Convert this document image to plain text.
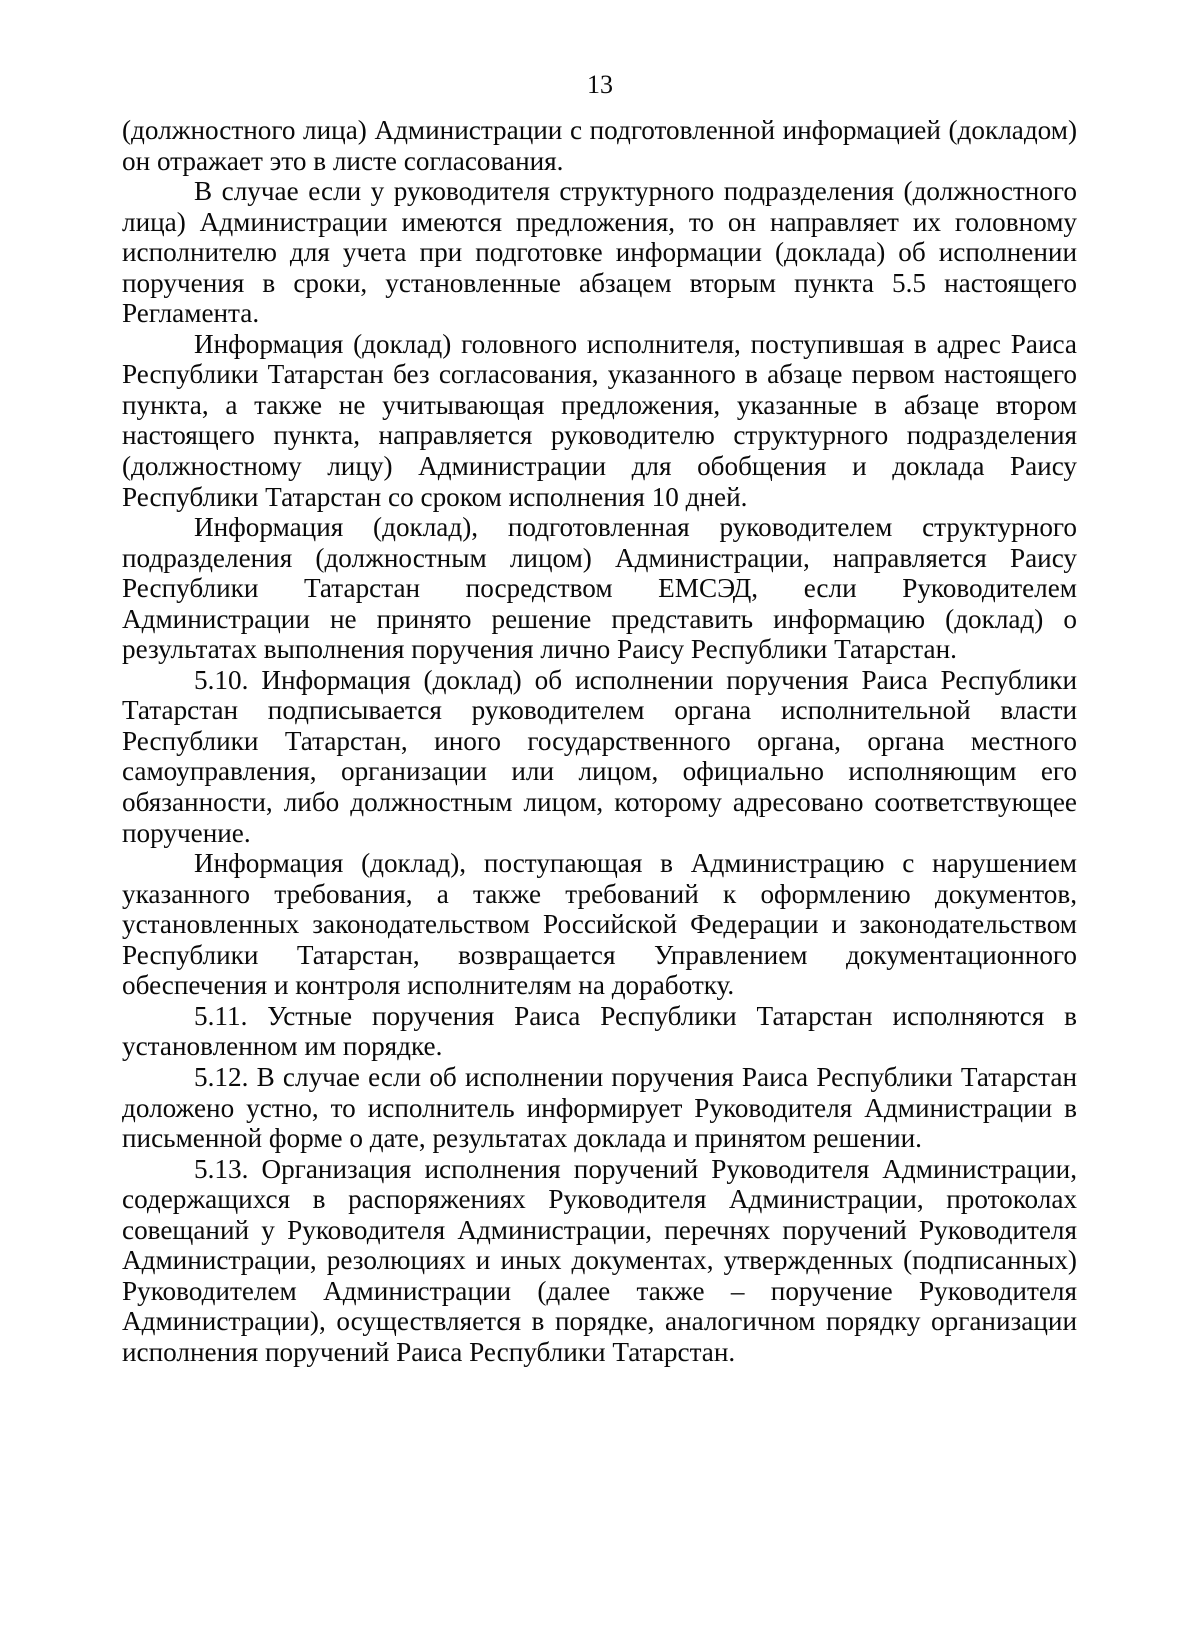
13

(должностного лица) Администрации с подготовленной информацией (докладом) он отражает это в листе согласования.

В случае если у руководителя структурного подразделения (должностного лица) Администрации имеются предложения, то он направляет их головному исполнителю для учета при подготовке информации (доклада) об исполнении поручения в сроки, установленные абзацем вторым пункта 5.5 настоящего Регламента.

Информация (доклад) головного исполнителя, поступившая в адрес Раиса Республики Татарстан без согласования, указанного в абзаце первом настоящего пункта, а также не учитывающая предложения, указанные в абзаце втором настоящего пункта, направляется руководителю структурного подразделения (должностному лицу) Администрации для обобщения и доклада Раису Республики Татарстан со сроком исполнения 10 дней.

Информация (доклад), подготовленная руководителем структурного подразделения (должностным лицом) Администрации, направляется Раису Республики Татарстан посредством ЕМСЭД, если Руководителем Администрации не принято решение представить информацию (доклад) о результатах выполнения поручения лично Раису Республики Татарстан.

5.10. Информация (доклад) об исполнении поручения Раиса Республики Татарстан подписывается руководителем органа исполнительной власти Республики Татарстан, иного государственного органа, органа местного самоуправления, организации или лицом, официально исполняющим его обязанности, либо должностным лицом, которому адресовано соответствующее поручение.

Информация (доклад), поступающая в Администрацию с нарушением указанного требования, а также требований к оформлению документов, установленных законодательством Российской Федерации и законодательством Республики Татарстан, возвращается Управлением документационного обеспечения и контроля исполнителям на доработку.

5.11. Устные поручения Раиса Республики Татарстан исполняются в установленном им порядке.

5.12. В случае если об исполнении поручения Раиса Республики Татарстан доложено устно, то исполнитель информирует Руководителя Администрации в письменной форме о дате, результатах доклада и принятом решении.

5.13. Организация исполнения поручений Руководителя Администрации, содержащихся в распоряжениях Руководителя Администрации, протоколах совещаний у Руководителя Администрации, перечнях поручений Руководителя Администрации, резолюциях и иных документах, утвержденных (подписанных) Руководителем Администрации (далее также – поручение Руководителя Администрации), осуществляется в порядке, аналогичном порядку организации исполнения поручений Раиса Республики Татарстан.
